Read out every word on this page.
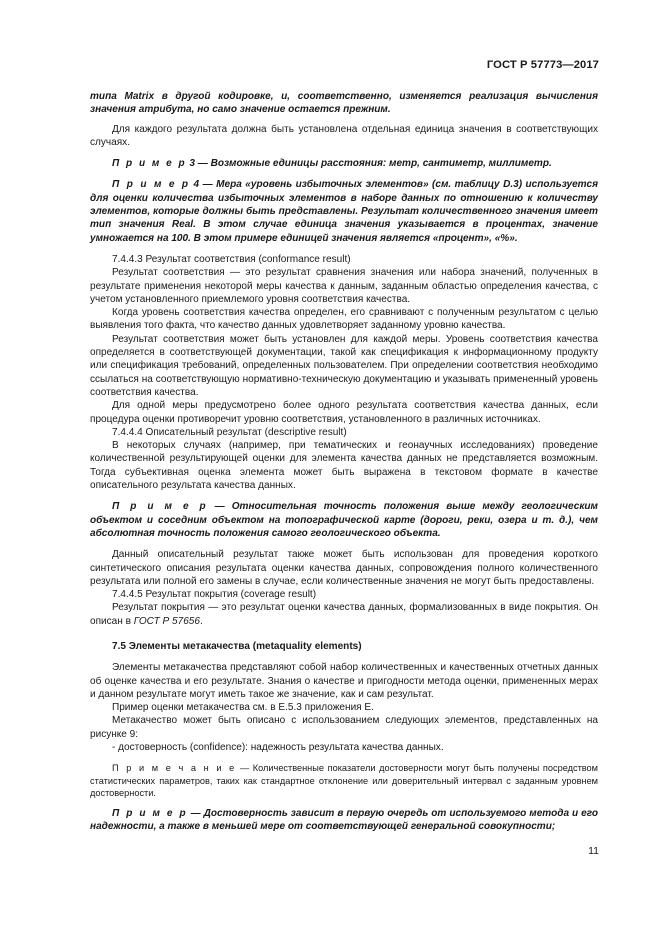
ГОСТ Р 57773—2017

типа Matrix в другой кодировке, и, соответственно, изменяется реализация вычисления значения атрибута, но само значение остается прежним.

Для каждого результата должна быть установлена отдельная единица значения в соответствующих случаях.

П р и м е р 3 — Возможные единицы расстояния: метр, сантиметр, миллиметр.

П р и м е р 4 — Мера «уровень избыточных элементов» (см. таблицу D.3) используется для оценки количества избыточных элементов в наборе данных по отношению к количеству элементов, которые должны быть представлены. Результат количественного значения имеет тип значения Real. В этом случае единица значения указывается в процентах, значение умножается на 100. В этом примере единицей значения является «процент», «%».

7.4.4.3 Результат соответствия (conformance result)

Результат соответствия — это результат сравнения значения или набора значений, полученных в результате применения некоторой меры качества к данным, заданным областью определения качества, с учетом установленного приемлемого уровня соответствия качества.

Когда уровень соответствия качества определен, его сравнивают с полученным результатом с целью выявления того факта, что качество данных удовлетворяет заданному уровню качества.

Результат соответствия может быть установлен для каждой меры. Уровень соответствия качества определяется в соответствующей документации, такой как спецификация к информационному продукту или спецификация требований, определенных пользователем. При определении соответствия необходимо ссылаться на соответствующую нормативно-техническую документацию и указывать примененный уровень соответствия качества.

Для одной меры предусмотрено более одного результата соответствия качества данных, если процедура оценки противоречит уровню соответствия, установленного в различных источниках.

7.4.4.4 Описательный результат (descriptive result)

В некоторых случаях (например, при тематических и геонаучных исследованиях) проведение количественной результирующей оценки для элемента качества данных не представляется возможным. Тогда субъективная оценка элемента может быть выражена в текстовом формате в качестве описательного результата качества данных.

П р и м е р — Относительная точность положения выше между геологическим объектом и соседним объектом на топографической карте (дороги, реки, озера и т. д.), чем абсолютная точность положения самого геологического объекта.

Данный описательный результат также может быть использован для проведения короткого синтетического описания результата оценки качества данных, сопровождения полного количественного результата или полной его замены в случае, если количественные значения не могут быть предоставлены.

7.4.4.5 Результат покрытия (coverage result)

Результат покрытия — это результат оценки качества данных, формализованных в виде покрытия. Он описан в ГОСТ Р 57656.

7.5 Элементы метакачества (metaquality elements)

Элементы метакачества представляют собой набор количественных и качественных отчетных данных об оценке качества и его результате. Знания о качестве и пригодности метода оценки, примененных мерах и данном результате могут иметь такое же значение, как и сам результат.

Пример оценки метакачества см. в Е.5.3 приложения Е.

Метакачество может быть описано с использованием следующих элементов, представленных на рисунке 9:

- достоверность (confidence): надежность результата качества данных.

П р и м е ч а н и е — Количественные показатели достоверности могут быть получены посредством статистических параметров, таких как стандартное отклонение или доверительный интервал с заданным уровнем достоверности.

П р и м е р — Достоверность зависит в первую очередь от используемого метода и его надежности, а также в меньшей мере от соответствующей генеральной совокупности;

11
